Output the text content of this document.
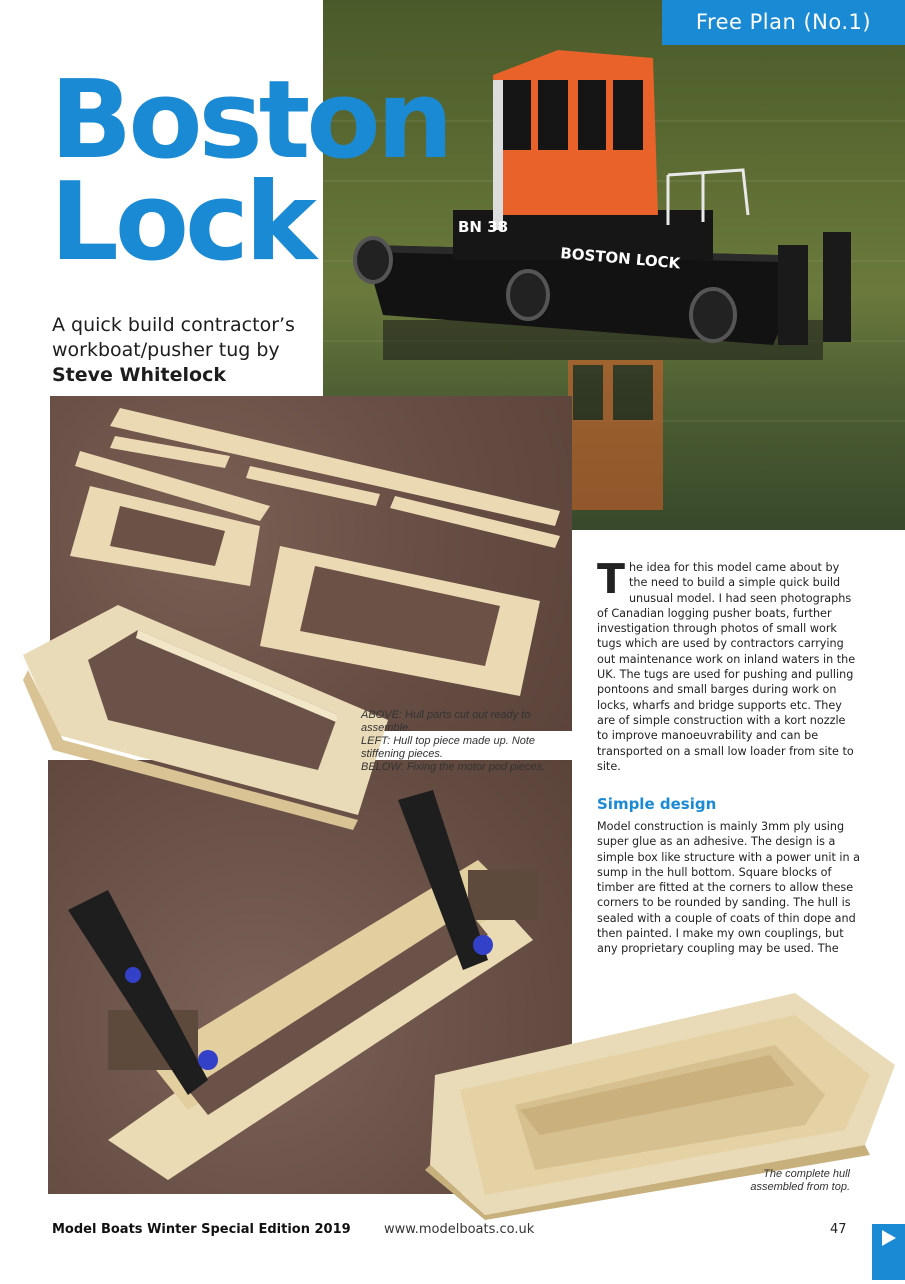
BN 38
BOSTON LOCK
Free Plan (No.1)
Boston
Lock
A quick build contractor’s workboat/pusher tug by
Steve Whitelock
ABOVE: Hull parts cut out ready to assemble.
LEFT: Hull top piece made up. Note stiffening pieces.
BELOW: Fixing the motor pod pieces.
The complete hull
assembled from top.
The idea for this model came about by the need to build a simple quick build unusual model. I had seen photographs of Canadian logging pusher boats, further investigation through photos of small work tugs which are used by contractors carrying out maintenance work on inland waters in the UK. The tugs are used for pushing and pulling pontoons and small barges during work on locks, wharfs and bridge supports etc. They are of simple construction with a kort nozzle to improve manoeuvrability and can be transported on a small low loader from site to site.
Simple design
Model construction is mainly 3mm ply using super glue as an adhesive. The design is a simple box like structure with a power unit in a sump in the hull bottom. Square blocks of timber are fitted at the corners to allow these corners to be rounded by sanding. The hull is sealed with a couple of coats of thin dope and then painted. I make my own couplings, but any proprietary coupling may be used. The
Model Boats Winter Special Edition 2019	www.modelboats.co.uk	47
